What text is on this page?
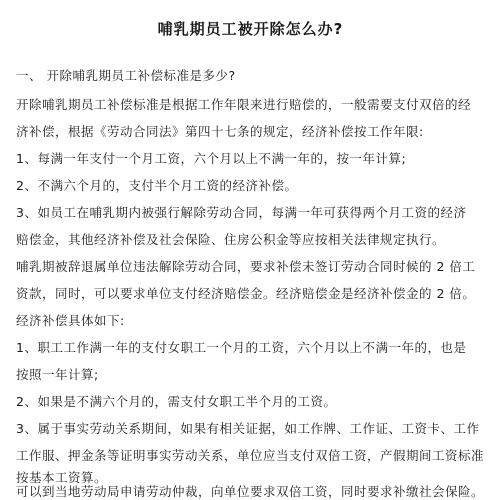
哺乳期员工被开除怎么办?
一、 开除哺乳期员工补偿标准是多少?
开除哺乳期员工补偿标准是根据工作年限来进行赔偿的，一般需要支付双倍的经
济补偿，根据《劳动合同法》第四十七条的规定，经济补偿按工作年限:
1、每满一年支付一个月工资，六个月以上不满一年的，按一年计算;
2、不满六个月的，支付半个月工资的经济补偿。
3、如员工在哺乳期内被强行解除劳动合同，每满一年可获得两个月工资的经济
赔偿金，其他经济补偿及社会保险、住房公积金等应按相关法律规定执行。
哺乳期被辞退属单位违法解除劳动合同，要求补偿未签订劳动合同时候的 2 倍工
资款，同时，可以要求单位支付经济赔偿金。经济赔偿金是经济补偿金的 2 倍。
经济补偿具体如下:
1、职工工作满一年的支付女职工一个月的工资，六个月以上不满一年的，也是
按照一年计算;
2、如果是不满六个月的，需支付女职工半个月的工资。
3、属于事实劳动关系期间，如果有相关证据，如工作牌、工作证、工资卡、工作
工作服、押金条等证明事实劳动关系，单位应当支付双倍工资，产假期间工资标准
按基本工资算。
可以到当地劳动局申请劳动仲裁，向单位要求双倍工资，同时要求补缴社会保险。
